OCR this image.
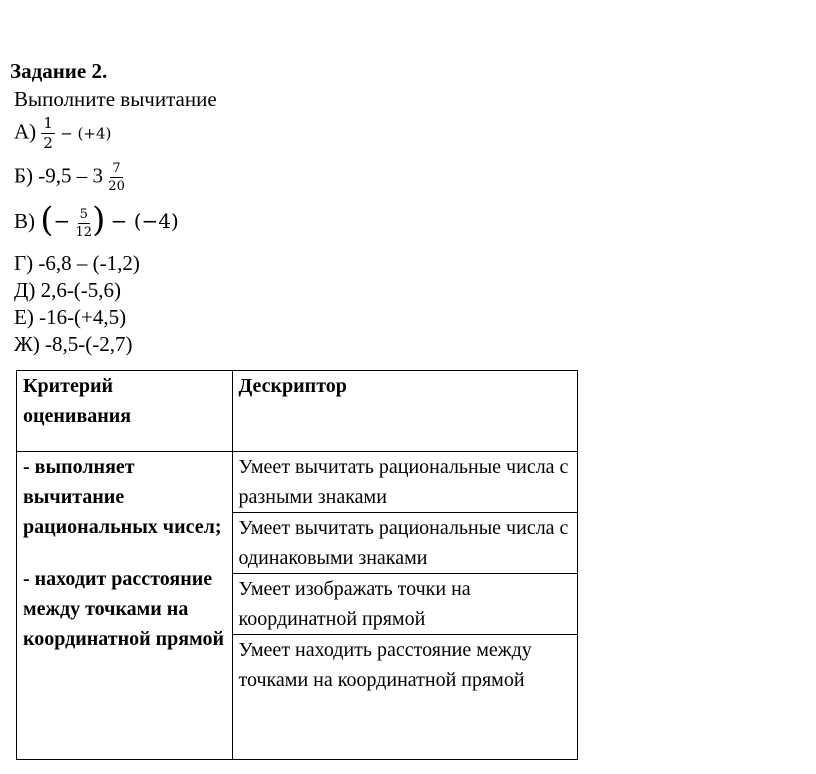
Задание 2.
Выполните вычитание
$А) \frac{1}{2} - (+4)$
Б) $-9,5 - 3 \frac{7}{20}$
В) (− $\frac{5}{12}$ ) − (−4)
Г) -6,8 – (-1,2)
Д) 2,6-(-5,6)
Е) -16-(+4,5)
Ж) -8,5-(-2,7)
Критерий оценивания	Дескриптор

- выполняет вычитание рациональных чисел;
- находит расстояние между точками на координатной прямой	Умеет вычитать рациональные числа с разными знаками
	Умеет вычитать рациональные числа с одинаковыми знаками
	Умеет изображать точки на координатной прямой
	Умеет находить расстояние между точками на координатной прямой
